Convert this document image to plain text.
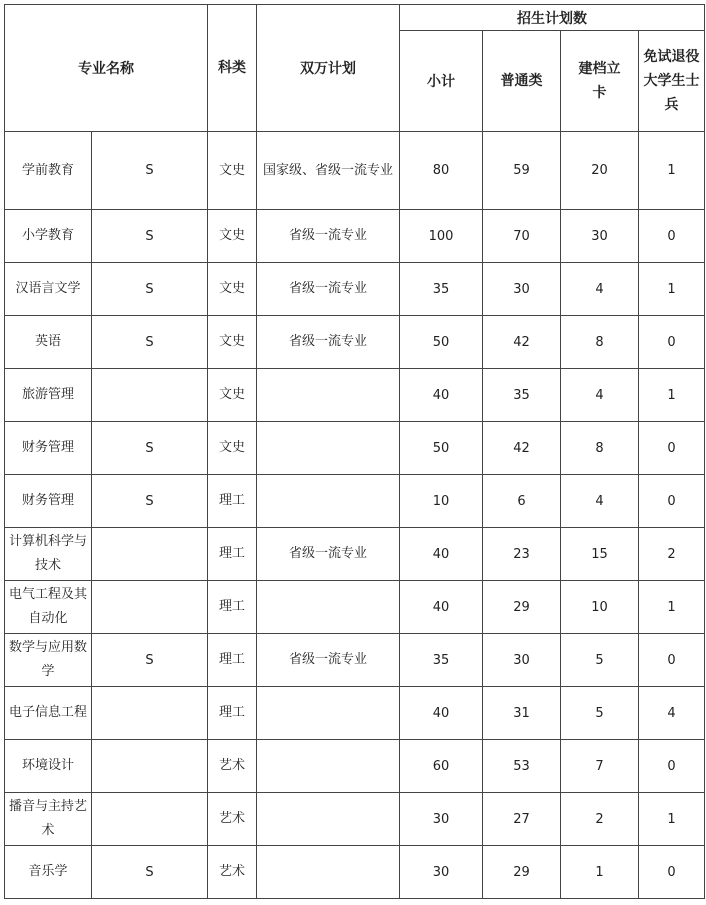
专业名称		科类	双万计划	招生计划数			
				小计	普通类	建档立卡	免试退役大学生士兵
学前教育	S	文史	国家级、省级一流专业	80	59	20	1
小学教育	S	文史	省级一流专业	100	70	30	0
汉语言文学	S	文史	省级一流专业	35	30	4	1
英语	S	文史	省级一流专业	50	42	8	0
旅游管理		文史		40	35	4	1
财务管理	S	文史		50	42	8	0
财务管理	S	理工		10	6	4	0
计算机科学与技术		理工	省级一流专业	40	23	15	2
电气工程及其自动化		理工		40	29	10	1
数学与应用数学	S	理工	省级一流专业	35	30	5	0
电子信息工程		理工		40	31	5	4
环境设计		艺术		60	53	7	0
播音与主持艺术		艺术		30	27	2	1
音乐学	S	艺术		30	29	1	0
